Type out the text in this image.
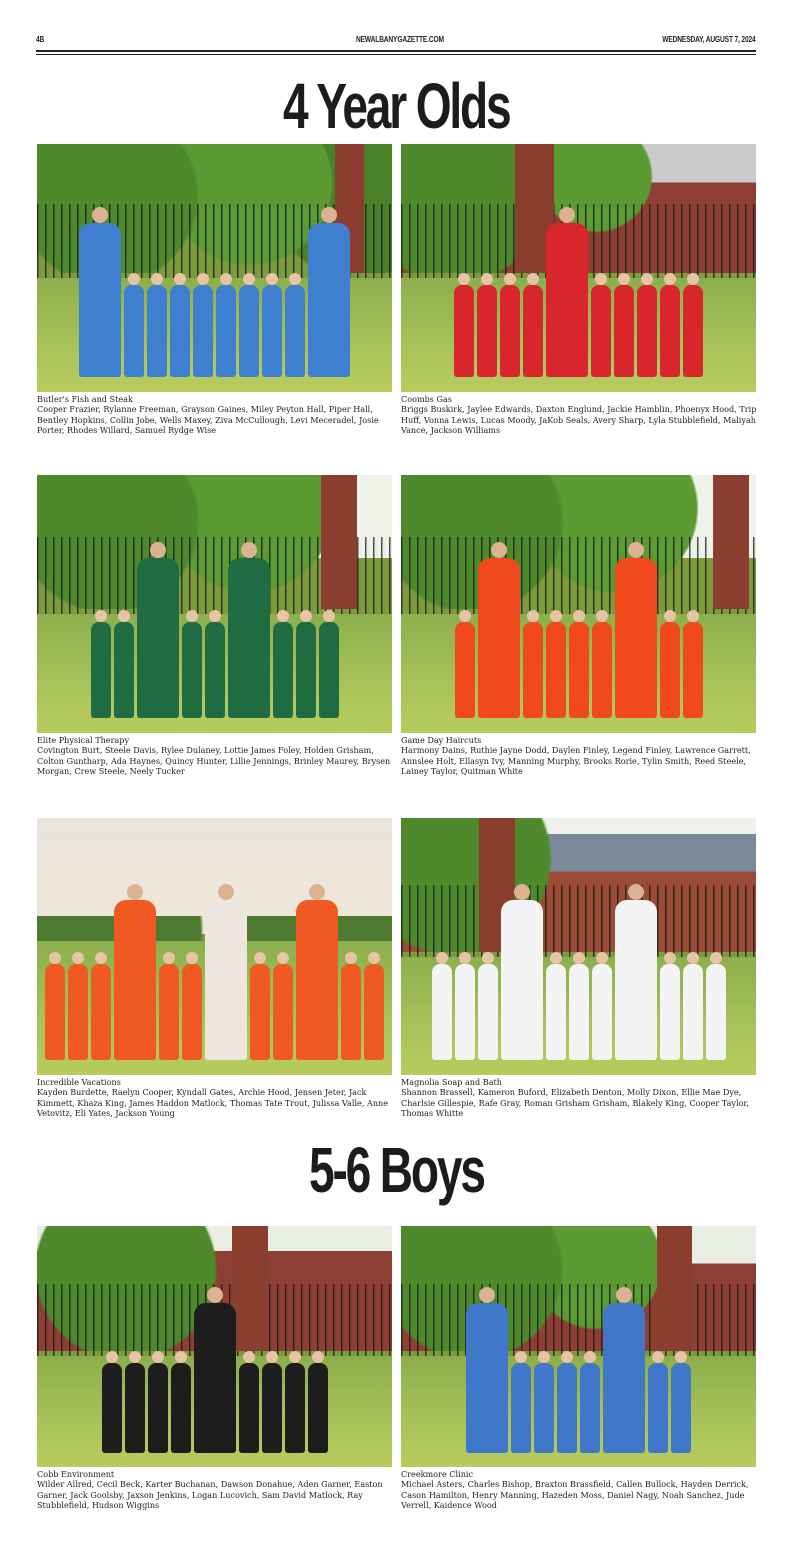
4B	NEWALBANYGAZETTE.COM	WEDNESDAY, AUGUST 7, 2024
4 Year Olds
Butler's Fish and Steak
Cooper Frazier, Rylanne Freeman, Grayson Gaines, Miley Peyton Hall, Piper Hall, Bentley Hopkins, Collin Jobe, Wells Maxey, Ziva McCullough, Levi Meceradel, Josie Porter, Rhodes Willard, Samuel Rydge Wise
Coombs Gas
Briggs Buskirk, Jaylee Edwards, Daxton Englund, Jackie Hamblin, Phoenyx Hood, Trip Huff, Vonna Lewis, Lucas Moody, JaKob Seals, Avery Sharp, Lyla Stubblefield, Maliyah Vance, Jackson Williams
Elite Physical Therapy
Covington Burt, Steele Davis, Rylee Dulaney, Lottie James Foley, Holden Grisham, Colton Guntharp, Ada Haynes, Quincy Hunter, Lillie Jennings, Brinley Maurey, Brysen Morgan, Crew Steele, Neely Tucker
Game Day Haircuts
Harmony Dains, Ruthie Jayne Dodd, Daylen Finley, Legend Finley, Lawrence Garrett, Annslee Holt, Ellasyn Ivy, Manning Murphy, Brooks Rorie, Tylin Smith, Reed Steele, Lainey Taylor, Quitman White
Incredible Vacations
Kayden Burdette, Raelyn Cooper, Kyndall Gates, Archie Hood, Jensen Jeter, Jack Kimmett, Khaza King, James Haddon Matlock, Thomas Tate Trout, Julissa Valle, Anne Vetovitz, Eli Yates, Jackson Young
Magnolia Soap and Bath
Shannon Brassell, Kameron Buford, Elizabeth Denton, Molly Dixon, Ellie Mae Dye, Charlsie Gillespie, Rafe Gray, Roman Grisham Grisham, Blakely King, Cooper Taylor, Thomas Whitte
5-6 Boys
Cobb Environment
Wilder Allred, Cecil Beck, Karter Buchanan, Dawson Donahue, Aden Garner, Easton Garner, Jack Goolsby, Jaxson Jenkins, Logan Lucovich, Sam David Matlock, Ray Stubblefield, Hudson Wiggins
Creekmore Clinic
Michael Asters, Charles Bishop, Braxton Brassfield, Callen Bullock, Hayden Derrick, Cason Hamilton, Henry Manning, Hazeden Moss, Daniel Nagy, Noah Sanchez, Jude Verrell, Kaidence Wood
